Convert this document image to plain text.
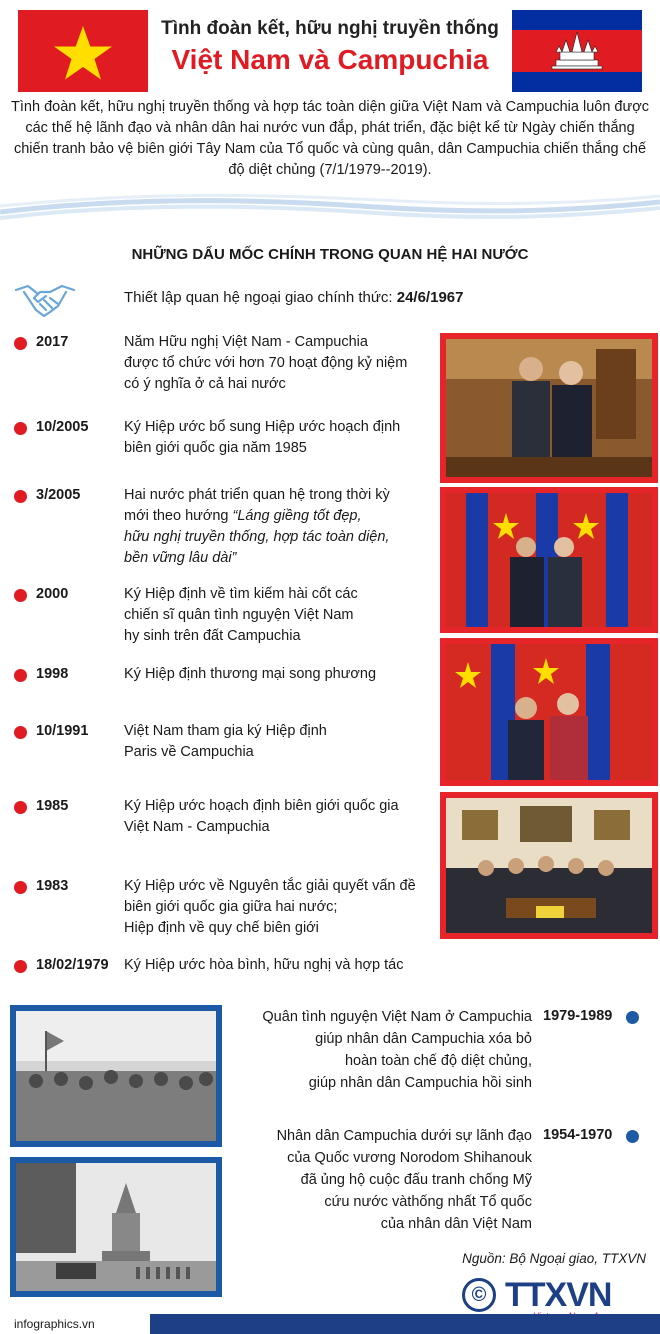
Tình đoàn kết, hữu nghị truyền thống
Việt Nam và Campuchia
Tình đoàn kết, hữu nghị truyền thống và hợp tác toàn diện giữa Việt Nam và Campuchia luôn được các thế hệ lãnh đạo và nhân dân hai nước vun đắp, phát triển, đặc biệt kể từ Ngày chiến thắng chiến tranh bảo vệ biên giới Tây Nam của Tổ quốc và cùng quân, dân Campuchia chiến thắng chế độ diệt chủng (7/1/1979--2019).
NHỮNG DẤU MỐC CHÍNH TRONG QUAN HỆ HAI NƯỚC
Thiết lập quan hệ ngoại giao chính thức: 24/6/1967
2017	Năm Hữu nghị Việt Nam - Campuchia
được tổ chức với hơn 70 hoạt động kỷ niệm
có ý nghĩa ở cả hai nước
10/2005 Ký Hiệp ước bổ sung Hiệp ước hoạch định
biên giới quốc gia năm 1985
3/2005	Hai nước phát triển quan hệ trong thời kỳ
mới theo hướng “Láng giềng tốt đẹp,
hữu nghị truyền thống, hợp tác toàn diện,
bền vững lâu dài”
2000	Ký Hiệp định về tìm kiếm hài cốt các
chiến sĩ quân tình nguyện Việt Nam
hy sinh trên đất Campuchia
1998	Ký Hiệp định thương mại song phương
10/1991 Việt Nam tham gia ký Hiệp định
Paris về Campuchia
1985	Ký Hiệp ước hoạch định biên giới quốc gia
Việt Nam - Campuchia
1983	Ký Hiệp ước về Nguyên tắc giải quyết vấn đề
biên giới quốc gia giữa hai nước;
Hiệp định về quy chế biên giới
18/02/1979 Ký Hiệp ước hòa bình, hữu nghị và hợp tác
Quân tình nguyện Việt Nam ở Campuchia
giúp nhân dân Campuchia xóa bỏ
hoàn toàn chế độ diệt chủng,
giúp nhân dân Campuchia hồi sinh
1979-1989
Nhân dân Campuchia dưới sự lãnh đạo
của Quốc vương Norodom Shihanouk
đã ủng hộ cuộc đấu tranh chống Mỹ
cứu nước vàthống nhất Tổ quốc
của nhân dân Việt Nam
1954-1970
Nguồn: Bộ Ngoại giao, TTXVN
© TTXVN
infographics.vn
